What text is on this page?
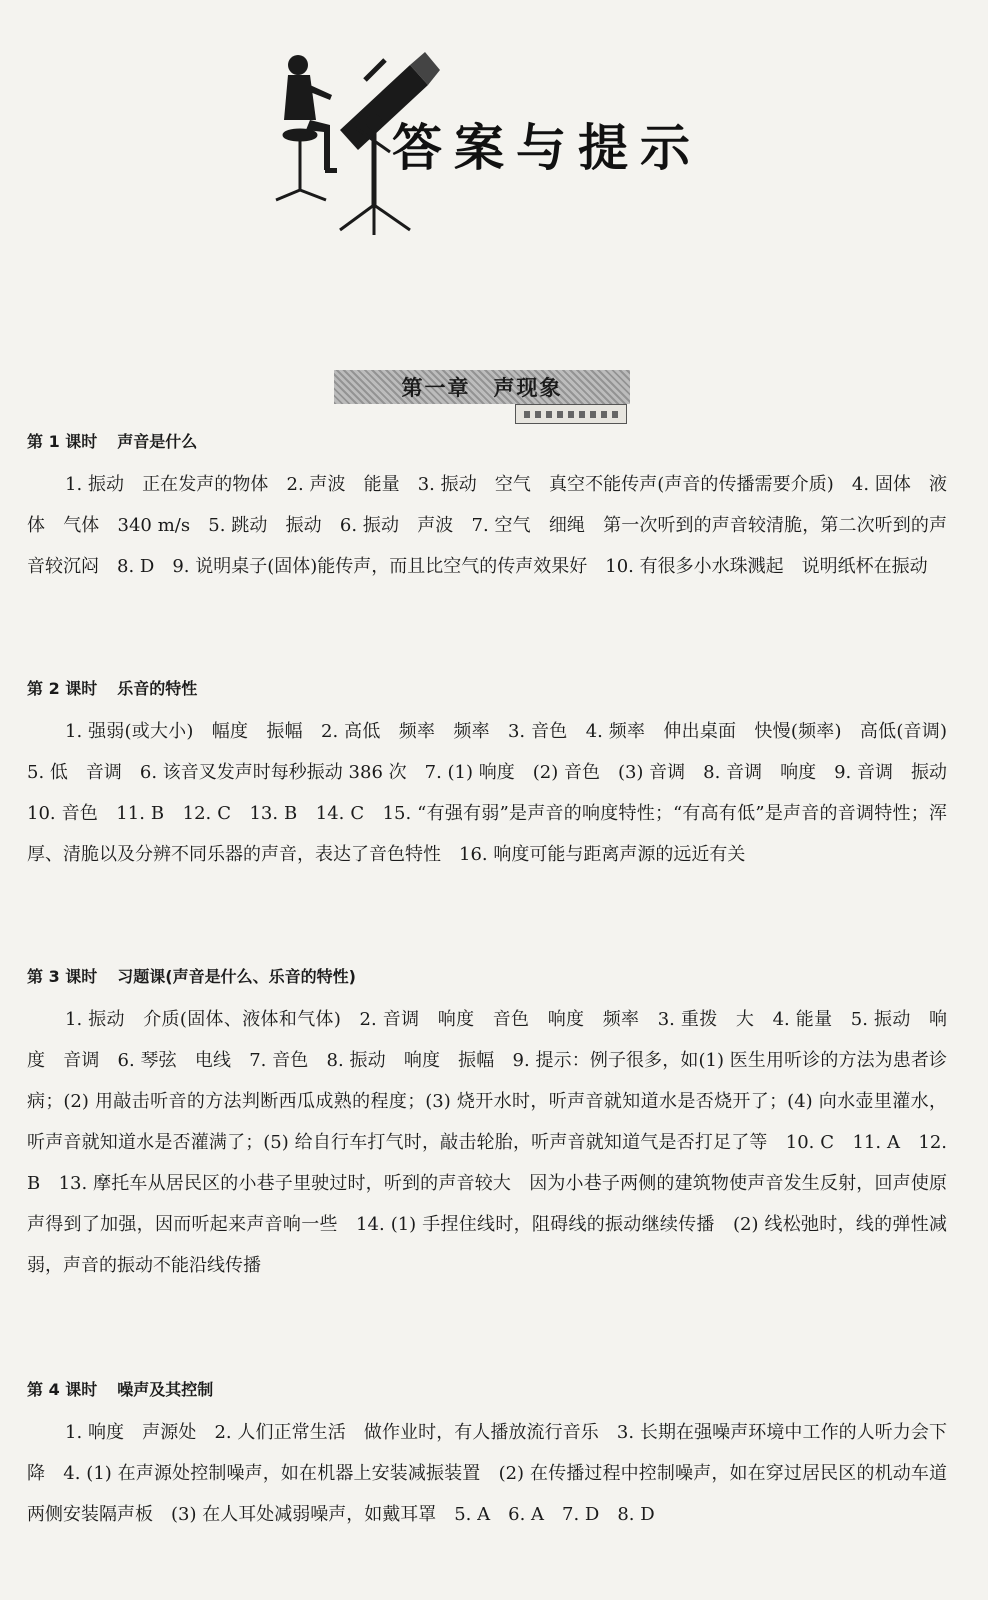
答案与提示
第一章　声现象
第 1 课时 声音是什么

1. 振动　正在发声的物体　2. 声波　能量　3. 振动　空气　真空不能传声(声音的传播需要介质)　4. 固体　液体　气体　340 m/s　5. 跳动　振动　6. 振动　声波　7. 空气　细绳　第一次听到的声音较清脆，第二次听到的声音较沉闷　8. D　9. 说明桌子(固体)能传声，而且比空气的传声效果好　10. 有很多小水珠溅起　说明纸杯在振动

第 2 课时 乐音的特性

1. 强弱(或大小)　幅度　振幅　2. 高低　频率　频率　3. 音色　4. 频率　伸出桌面　快慢(频率)　高低(音调)　5. 低　音调　6. 该音叉发声时每秒振动 386 次　7. (1) 响度　(2) 音色　(3) 音调　8. 音调　响度　9. 音调　振动　10. 音色　11. B　12. C　13. B　14. C　15. “有强有弱”是声音的响度特性；“有高有低”是声音的音调特性；浑厚、清脆以及分辨不同乐器的声音，表达了音色特性　16. 响度可能与距离声源的远近有关

第 3 课时 习题课(声音是什么、乐音的特性)

1. 振动　介质(固体、液体和气体)　2. 音调　响度　音色　响度　频率　3. 重拨　大　4. 能量　5. 振动　响度　音调　6. 琴弦　电线　7. 音色　8. 振动　响度　振幅　9. 提示：例子很多，如(1) 医生用听诊的方法为患者诊病；(2) 用敲击听音的方法判断西瓜成熟的程度；(3) 烧开水时，听声音就知道水是否烧开了；(4) 向水壶里灌水，听声音就知道水是否灌满了；(5) 给自行车打气时，敲击轮胎，听声音就知道气是否打足了等　10. C　11. A　12. B　13. 摩托车从居民区的小巷子里驶过时，听到的声音较大　因为小巷子两侧的建筑物使声音发生反射，回声使原声得到了加强，因而听起来声音响一些　14. (1) 手捏住线时，阻碍线的振动继续传播　(2) 线松弛时，线的弹性减弱，声音的振动不能沿线传播

第 4 课时 噪声及其控制

1. 响度　声源处　2. 人们正常生活　做作业时，有人播放流行音乐　3. 长期在强噪声环境中工作的人听力会下降　4. (1) 在声源处控制噪声，如在机器上安装减振装置　(2) 在传播过程中控制噪声，如在穿过居民区的机动车道两侧安装隔声板　(3) 在人耳处减弱噪声，如戴耳罩　5. A　6. A　7. D　8. D
